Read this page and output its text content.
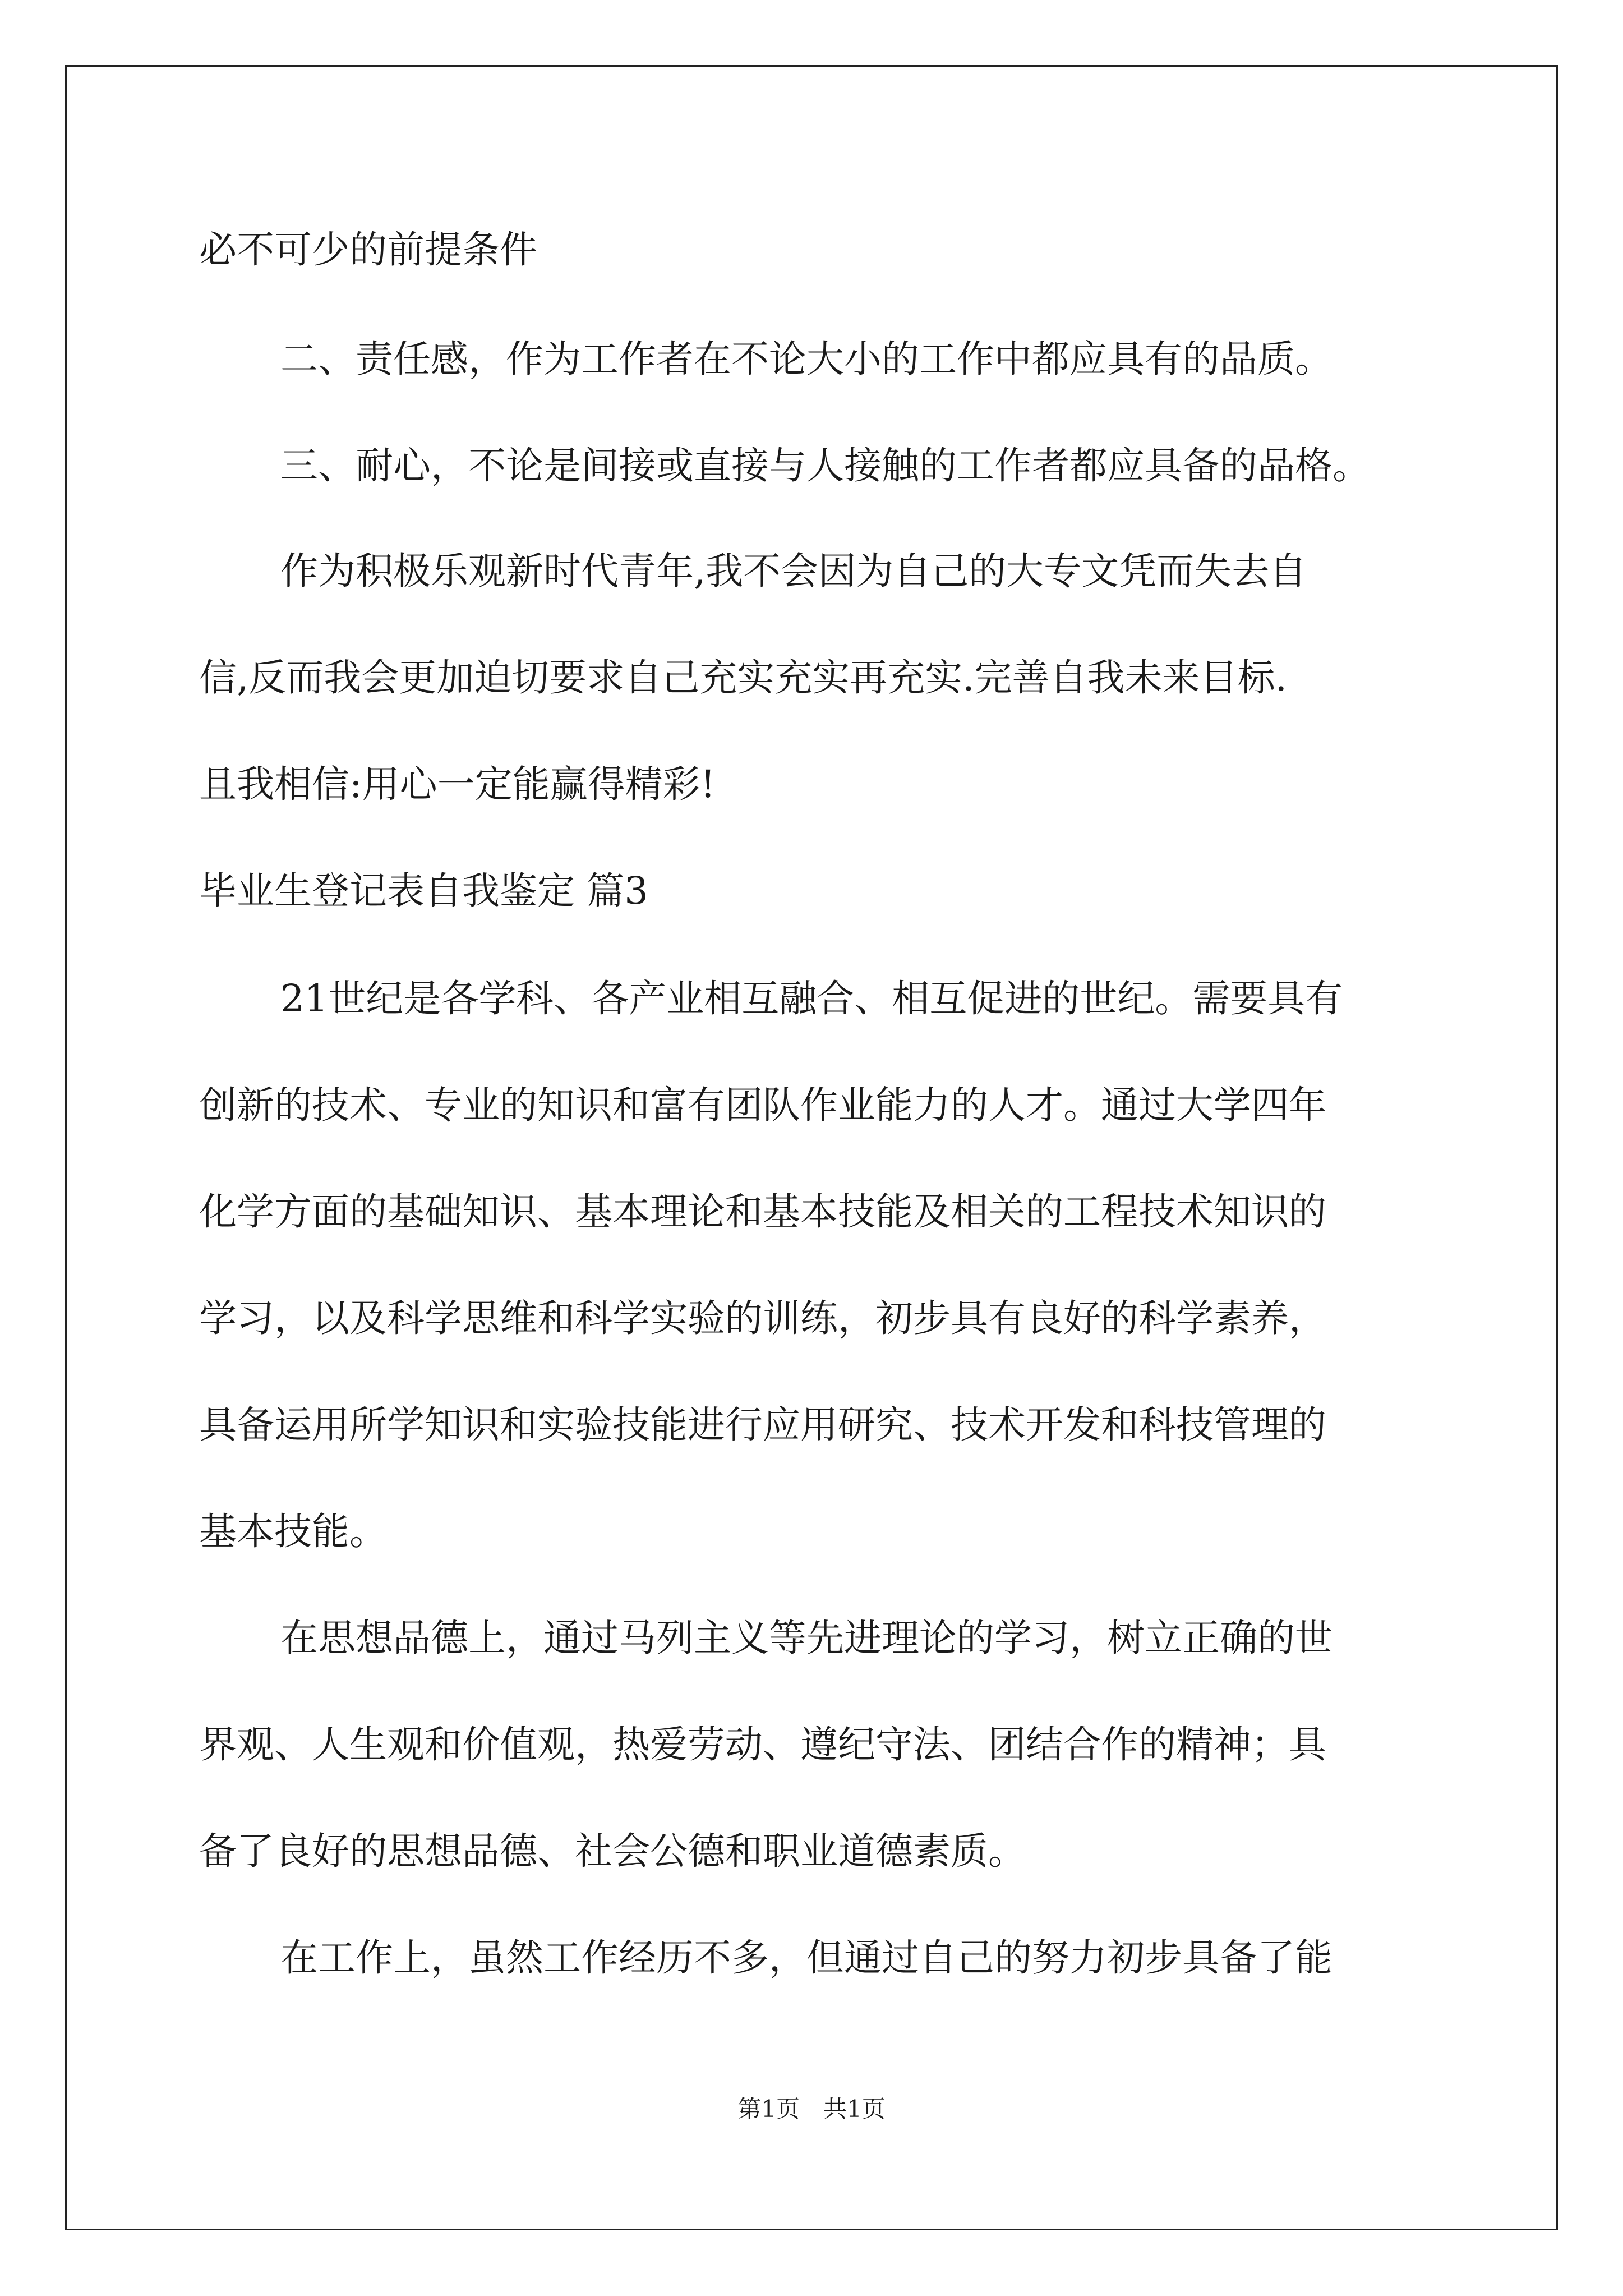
必不可少的前提条件

二、责任感，作为工作者在不论大小的工作中都应具有的品质。

三、耐心，不论是间接或直接与人接触的工作者都应具备的品格。

作为积极乐观新时代青年,我不会因为自己的大专文凭而失去自

信,反而我会更加迫切要求自己充实充实再充实.完善自我未来目标.

且我相信:用心一定能赢得精彩!

毕业生登记表自我鉴定 篇3

21世纪是各学科、各产业相互融合、相互促进的世纪。需要具有

创新的技术、专业的知识和富有团队作业能力的人才。通过大学四年

化学方面的基础知识、基本理论和基本技能及相关的工程技术知识的

学习，以及科学思维和科学实验的训练，初步具有良好的科学素养，

具备运用所学知识和实验技能进行应用研究、技术开发和科技管理的

基本技能。

在思想品德上，通过马列主义等先进理论的学习，树立正确的世

界观、人生观和价值观，热爱劳动、遵纪守法、团结合作的精神；具

备了良好的思想品德、社会公德和职业道德素质。

在工作上，虽然工作经历不多，但通过自己的努力初步具备了能

第1页　共1页
